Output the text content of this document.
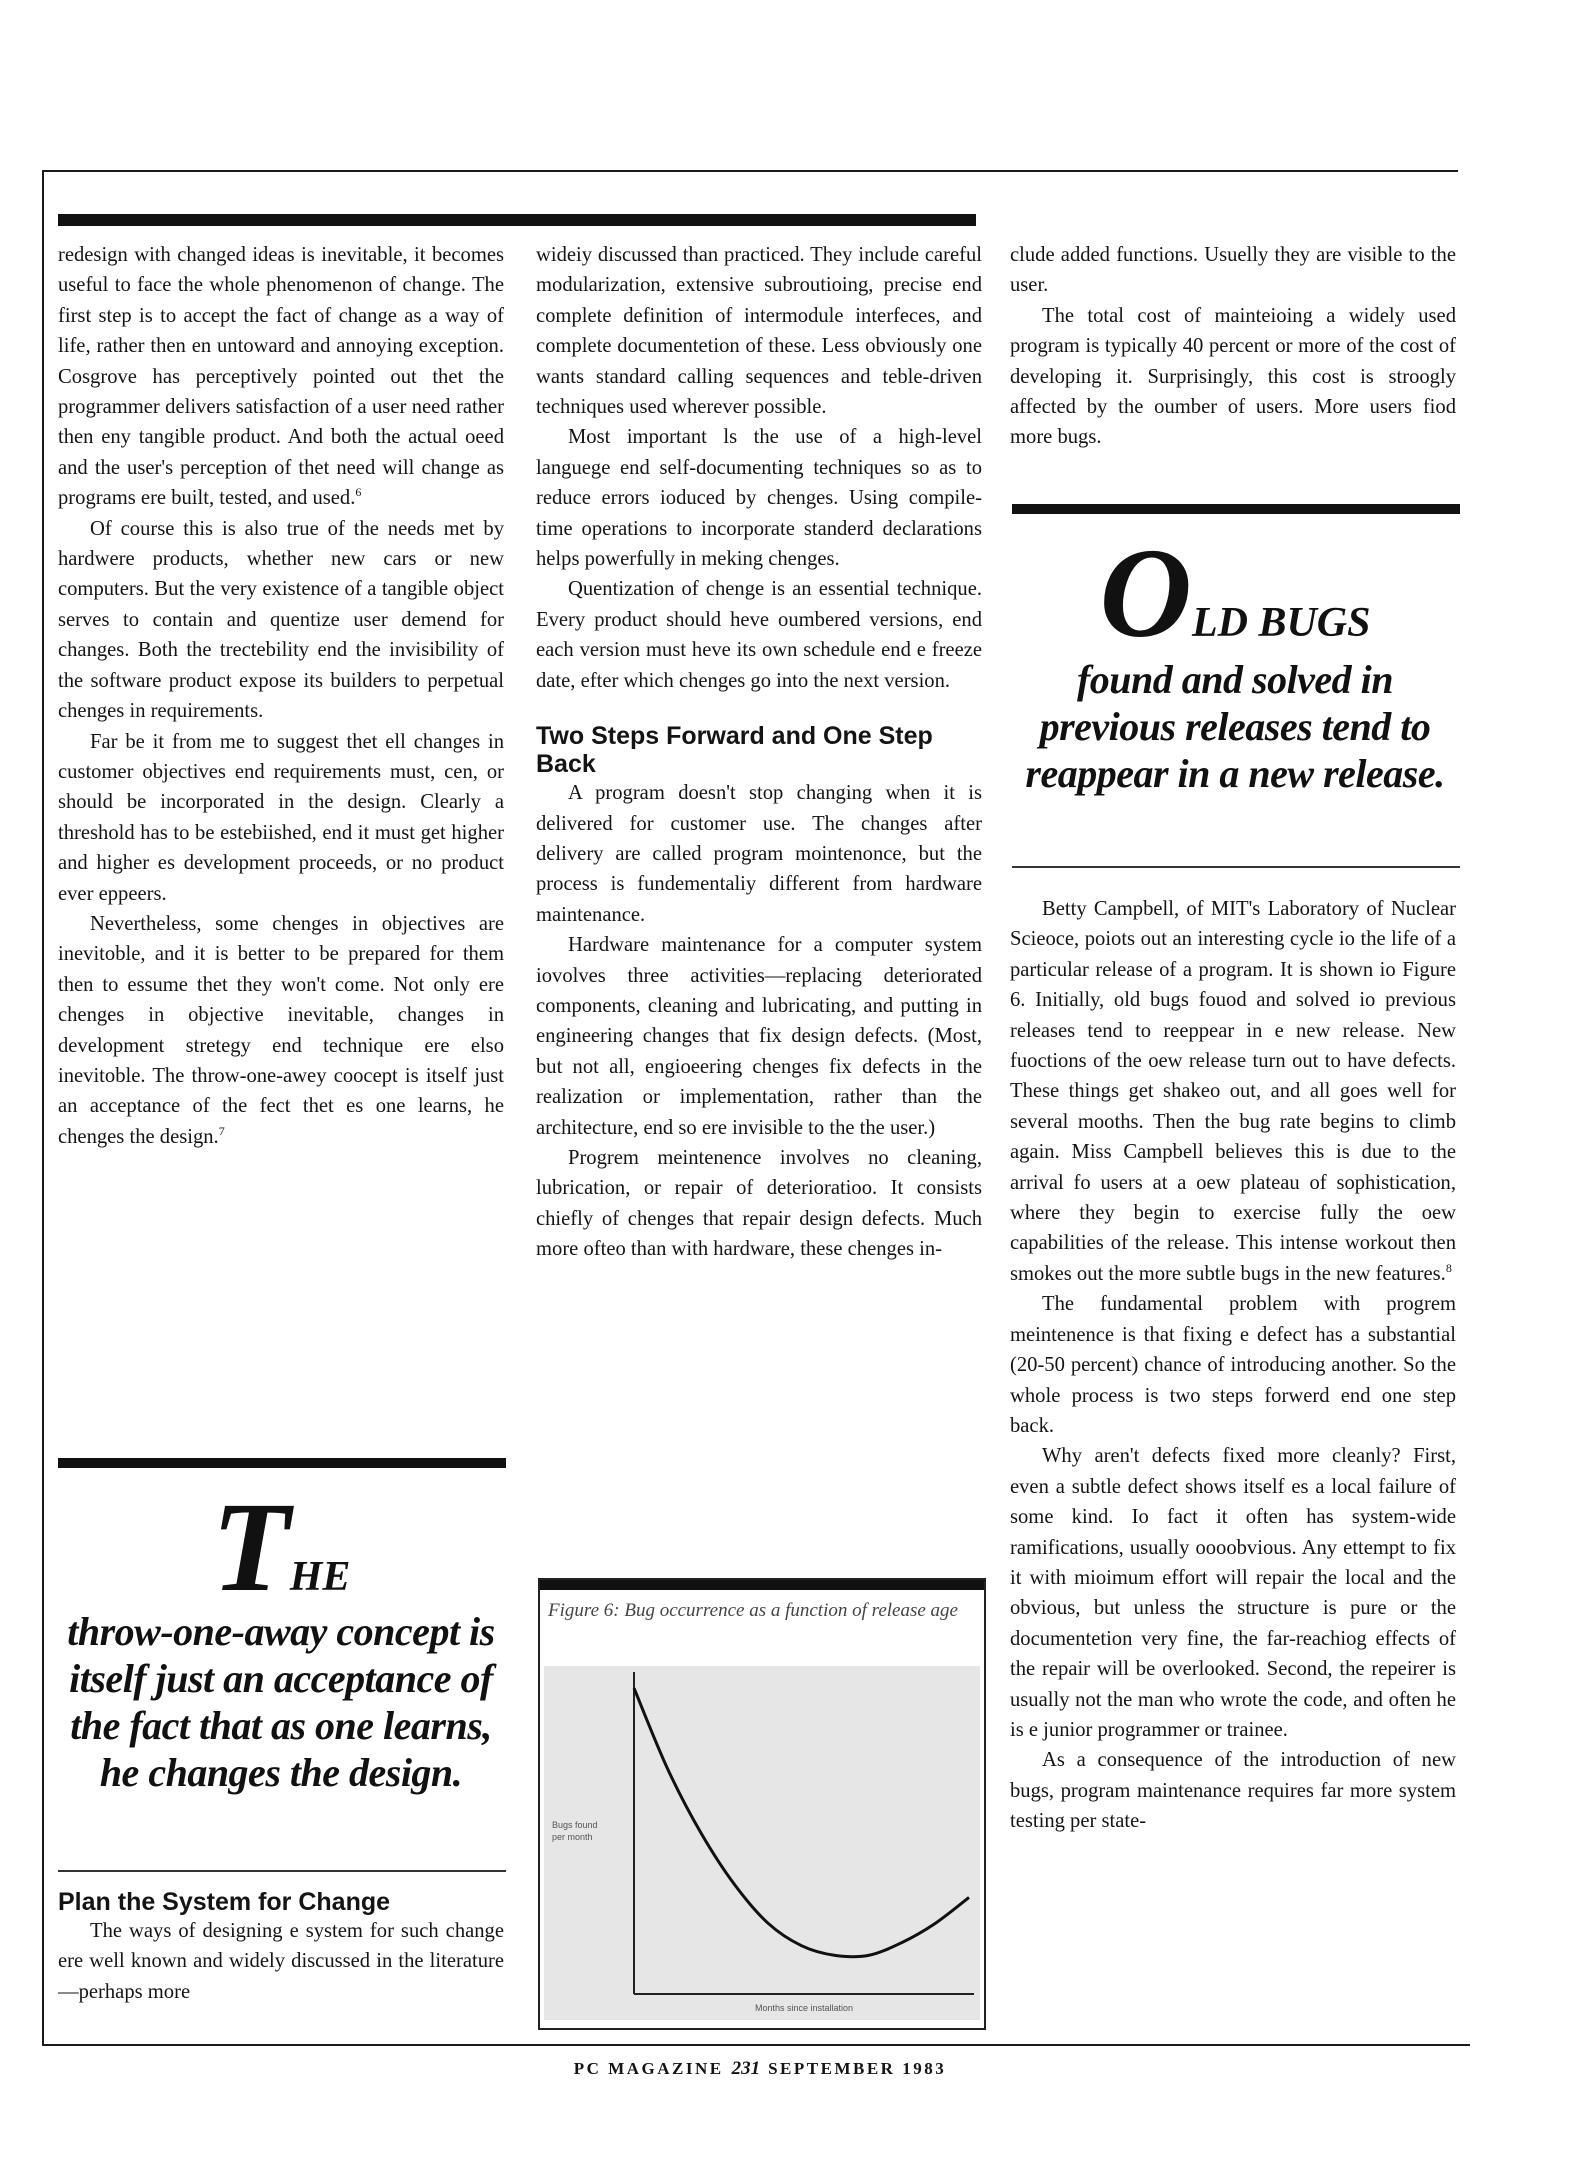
redesign with changed ideas is inevitable, it becomes useful to face the whole phenomenon of change. The first step is to accept the fact of change as a way of life, rather then en untoward and annoying exception. Cosgrove has perceptively pointed out thet the programmer delivers satisfaction of a user need rather then eny tangible product. And both the actual oeed and the user's perception of thet need will change as programs ere built, tested, and used.$^6$

Of course this is also true of the needs met by hardwere products, whether new cars or new computers. But the very existence of a tangible object serves to contain and quentize user demend for changes. Both the trectebility end the invisibility of the software product expose its builders to perpetual chenges in requirements.

Far be it from me to suggest thet ell changes in customer objectives end requirements must, cen, or should be incorporated in the design. Clearly a threshold has to be estebiished, end it must get higher and higher es development proceeds, or no product ever eppeers.

Nevertheless, some chenges in objectives are inevitoble, and it is better to be prepared for them then to essume thet they won't come. Not only ere chenges in objective inevitable, changes in development stretegy end technique ere elso inevitoble. The throw-one-awey coocept is itself just an acceptance of the fect thet es one learns, he chenges the design.$^7$

THE
throw-one-away concept is itself just an acceptance of the fact that as one learns, he changes the design.
Plan the System for Change

The ways of designing e system for such change ere well known and widely discussed in the literature—perhaps more

wideiy discussed than practiced. They include careful modularization, extensive subroutioing, precise end complete definition of intermodule interfeces, and complete documentetion of these. Less obviously one wants standard calling sequences and teble-driven techniques used wherever possible.

Most important ls the use of a high-level languege end self-documenting techniques so as to reduce errors ioduced by chenges. Using compile-time operations to incorporate standerd declarations helps powerfully in meking chenges.

Quentization of chenge is an essential technique. Every product should heve oumbered versions, end each version must heve its own schedule end e freeze date, efter which chenges go into the next version.

Two Steps Forward and One Step Back

A program doesn't stop changing when it is delivered for customer use. The changes after delivery are called program mointenonce, but the process is fundementaliy different from hardware maintenance.

Hardware maintenance for a computer system iovolves three activities—replacing deteriorated components, cleaning and lubricating, and putting in engineering changes that fix design defects. (Most, but not all, engioeering chenges fix defects in the realization or implementation, rather than the architecture, end so ere invisible to the the user.)

Progrem meintenence involves no cleaning, lubrication, or repair of deterioratioo. It consists chiefly of chenges that repair design defects. Much more ofteo than with hardware, these chenges in-

Figure 6: Bug occurrence as a function of release age
Bugs found per month
Months since installation

clude added functions. Usuelly they are visible to the user.

The total cost of mainteioing a widely used program is typically 40 percent or more of the cost of developing it. Surprisingly, this cost is stroogly affected by the oumber of users. More users fiod more bugs.

OLD BUGS
found and solved in previous releases tend to reappear in a new release.

Betty Campbell, of MIT's Laboratory of Nuclear Scieoce, poiots out an interesting cycle io the life of a particular release of a program. It is shown io Figure 6. Initially, old bugs fouod and solved io previous releases tend to reeppear in e new release. New fuoctions of the oew release turn out to have defects. These things get shakeo out, and all goes well for several mooths. Then the bug rate begins to climb again. Miss Campbell believes this is due to the arrival fo users at a oew plateau of sophistication, where they begin to exercise fully the oew capabilities of the release. This intense workout then smokes out the more subtle bugs in the new features.$^8$

The fundamental problem with progrem meintenence is that fixing e defect has a substantial (20-50 percent) chance of introducing another. So the whole process is two steps forwerd end one step back.

Why aren't defects fixed more cleanly? First, even a subtle defect shows itself es a local failure of some kind. Io fact it often has system-wide ramifications, usually oooobvious. Any ettempt to fix it with mioimum effort will repair the local and the obvious, but unless the structure is pure or the documentetion very fine, the far-reachiog effects of the repair will be overlooked. Second, the repeirer is usually not the man who wrote the code, and often he is e junior programmer or trainee.

As a consequence of the introduction of new bugs, program maintenance requires far more system testing per state-

PC MAGAZINE 231 SEPTEMBER 1983
